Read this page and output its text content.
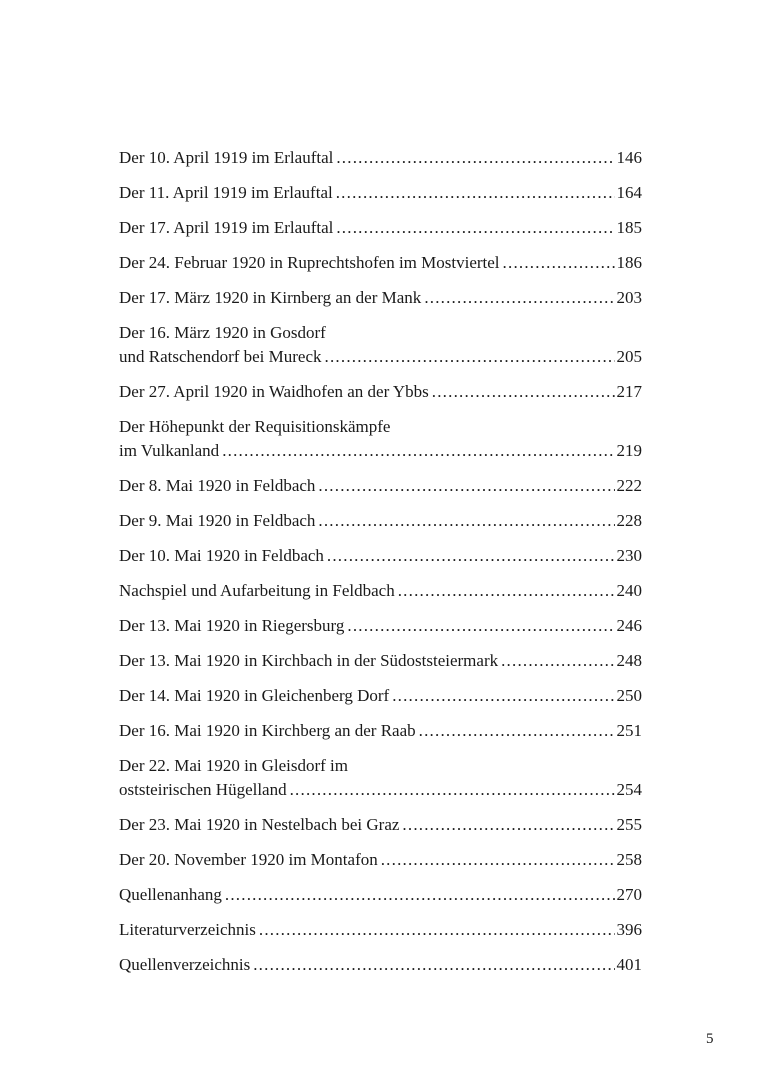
Der 10. April 1919 im Erlauftal .....	146
Der 11. April 1919 im Erlauftal .....	164
Der 17. April 1919 im Erlauftal .....	185
Der 24. Februar 1920 in Ruprechtshofen im Mostviertel .....	186
Der 17. März 1920 in Kirnberg an der Mank .....	203
Der 16. März 1920 in Gosdorf
und Ratschendorf bei Mureck .....	205
Der 27. April 1920 in Waidhofen an der Ybbs .....	217
Der Höhepunkt der Requisitionskämpfe
im Vulkanland .....	219
Der 8. Mai 1920 in Feldbach .....	222
Der 9. Mai 1920 in Feldbach .....	228
Der 10. Mai 1920 in Feldbach .....	230
Nachspiel und Aufarbeitung in Feldbach .....	240
Der 13. Mai 1920 in Riegersburg .....	246
Der 13. Mai 1920 in Kirchbach in der Südoststeiermark .....	248
Der 14. Mai 1920 in Gleichenberg Dorf .....	250
Der 16. Mai 1920 in Kirchberg an der Raab .....	251
Der 22. Mai 1920 in Gleisdorf im
oststeirischen Hügelland .....	254
Der 23. Mai 1920 in Nestelbach bei Graz .....	255
Der 20. November 1920 im Montafon .....	258
Quellenanhang .....	270
Literaturverzeichnis .....	396
Quellenverzeichnis .....	401
5
